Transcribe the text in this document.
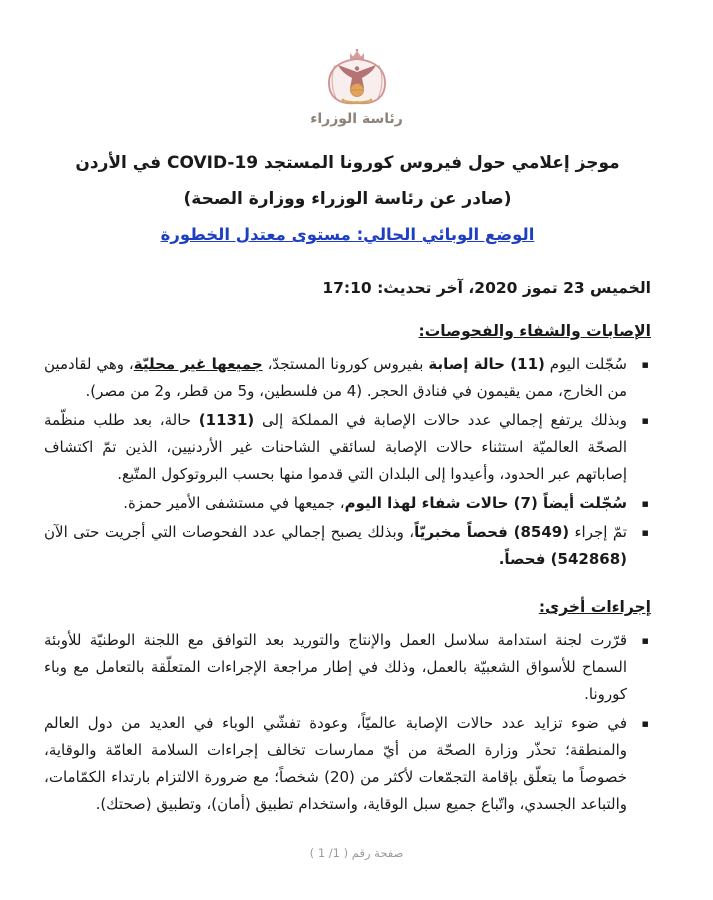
رئاسة الوزراء
موجز إعلامي حول فيروس كورونا المستجد COVID-19 في الأردن
(صادر عن رئاسة الوزراء ووزارة الصحة)
الوضع الوبائي الحالي: مستوى معتدل الخطورة
الخميس 23 تموز 2020، آخر تحديث: 17:10
الإصابات والشفاء والفحوصات:
▪ سُجّلت اليوم (11) حالة إصابة بفيروس كورونا المستجدّ، جميعها غير محليّة، وهي لقادمين من الخارج، ممن يقيمون في فنادق الحجر. (4 من فلسطين، و5 من قطر، و2 من مصر).
▪ وبذلك يرتفع إجمالي عدد حالات الإصابة في المملكة إلى (1131) حالة، بعد طلب منظّمة الصحّة العالميّة استثناء حالات الإصابة لسائقي الشاحنات غير الأردنيين، الذين تمّ اكتشاف إصاباتهم عبر الحدود، وأعيدوا إلى البلدان التي قدموا منها بحسب البروتوكول المتّبع.
▪ سُجّلت أيضاً (7) حالات شفاء لهذا اليوم، جميعها في مستشفى الأمير حمزة.
▪ تمّ إجراء (8549) فحصاً مخبريّاً، وبذلك يصبح إجمالي عدد الفحوصات التي أجريت حتى الآن (542868) فحصاً.
إجراءات أخرى:
▪ قرّرت لجنة استدامة سلاسل العمل والإنتاج والتوريد بعد التوافق مع اللجنة الوطنيّة للأوبئة السماح للأسواق الشعبيّة بالعمل، وذلك في إطار مراجعة الإجراءات المتعلّقة بالتعامل مع وباء كورونا.
▪ في ضوء تزايد عدد حالات الإصابة عالميّاً، وعودة تفشّي الوباء في العديد من دول العالم والمنطقة؛ تحذّر وزارة الصحّة من أيّ ممارسات تخالف إجراءات السلامة العامّة والوقاية، خصوصاً ما يتعلّق بإقامة التجمّعات لأكثر من (20) شخصاً؛ مع ضرورة الالتزام بارتداء الكمّامات، والتباعد الجسدي، واتّباع جميع سبل الوقاية، واستخدام تطبيق (أمان)، وتطبيق (صحتك).
صفحة رقم ( 1/ 1 )
